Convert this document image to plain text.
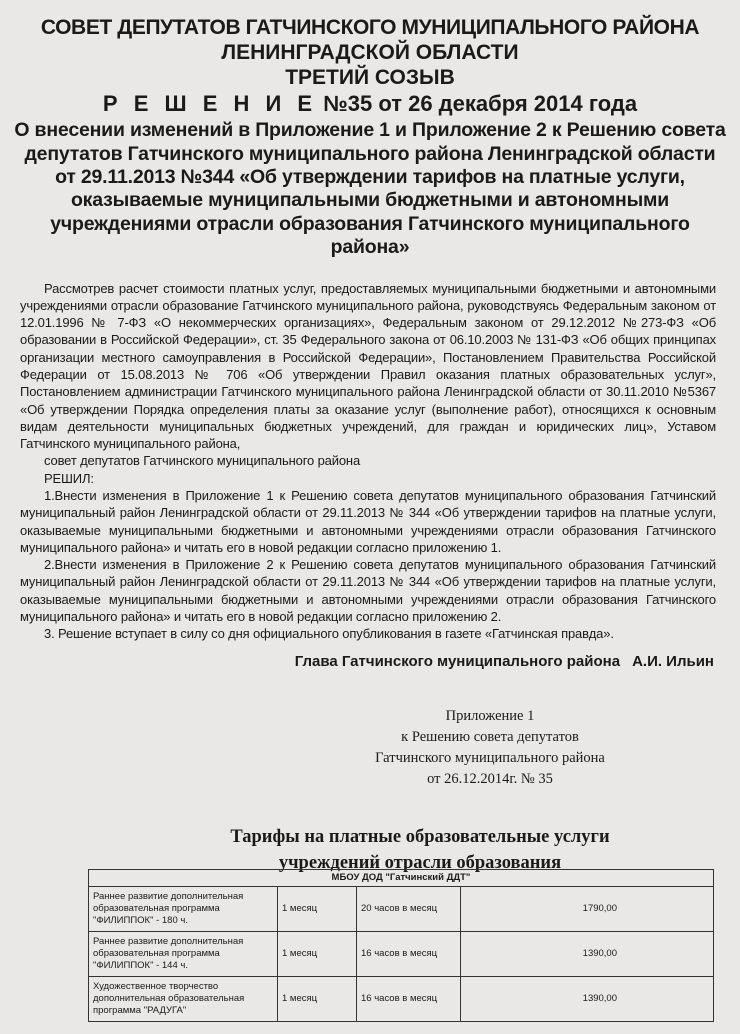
СОВЕТ ДЕПУТАТОВ ГАТЧИНСКОГО МУНИЦИПАЛЬНОГО РАЙОНА

ЛЕНИНГРАДСКОЙ ОБЛАСТИ

ТРЕТИЙ СОЗЫВ

Р Е Ш Е Н И Е №35 от 26 декабря 2014 года

О внесении изменений в Приложение 1 и Приложение 2 к Решению совета депутатов Гатчинского муниципального района Ленинградской области от 29.11.2013 №344 «Об утверждении тарифов на платные услуги, оказываемые муниципальными бюджетными и автономными учреждениями отрасли образования Гатчинского муниципального района»

Рассмотрев расчет стоимости платных услуг, предоставляемых муниципальными бюджетными и автономными учреждениями отрасли образование Гатчинского муниципального района, руководствуясь Федеральным законом от 12.01.1996 № 7-ФЗ «О некоммерческих организациях», Федеральным законом от 29.12.2012 №273-ФЗ «Об образовании в Российской Федерации», ст. 35 Федерального закона от 06.10.2003 № 131-ФЗ «Об общих принципах организации местного самоуправления в Российской Федерации», Постановлением Правительства Российской Федерации от 15.08.2013 № 706 «Об утверждении Правил оказания платных образовательных услуг», Постановлением администрации Гатчинского муниципального района Ленинградской области от 30.11.2010 №5367 «Об утверждении Порядка определения платы за оказание услуг (выполнение работ), относящихся к основным видам деятельности муниципальных бюджетных учреждений, для граждан и юридических лиц», Уставом Гатчинского муниципального района,

совет депутатов Гатчинского муниципального района

РЕШИЛ:

1.Внести изменения в Приложение 1 к Решению совета депутатов муниципального образования Гатчинский муниципальный район Ленинградской области от 29.11.2013 № 344 «Об утверждении тарифов на платные услуги, оказываемые муниципальными бюджетными и автономными учреждениями отрасли образования Гатчинского муниципального района» и читать его в новой редакции согласно приложению 1.

2.Внести изменения в Приложение 2 к Решению совета депутатов муниципального образования Гатчинский муниципальный район Ленинградской области от 29.11.2013 № 344 «Об утверждении тарифов на платные услуги, оказываемые муниципальными бюджетными и автономными учреждениями отрасли образования Гатчинского муниципального района» и читать его в новой редакции согласно приложению 2.

3. Решение вступает в силу со дня официального опубликования в газете «Гатчинская правда».

Глава Гатчинского муниципального района А.И. Ильин
Приложение 1
к Решению совета депутатов
Гатчинского муниципального района
от 26.12.2014г. № 35
Тарифы на платные образовательные услуги
учреждений отрасли образования
МБОУ ДОД "Гатчинский ДДТ"			
Раннее развитие дополнительная образовательная программа "ФИЛИППОК" - 180 ч.	1 месяц	20 часов в месяц	1790,00
Раннее развитие дополнительная образовательная программа "ФИЛИППОК" - 144 ч.	1 месяц	16 часов в месяц	1390,00
Художественное творчество дополнительная образовательная программа "РАДУГА"	1 месяц	16 часов в месяц	1390,00
